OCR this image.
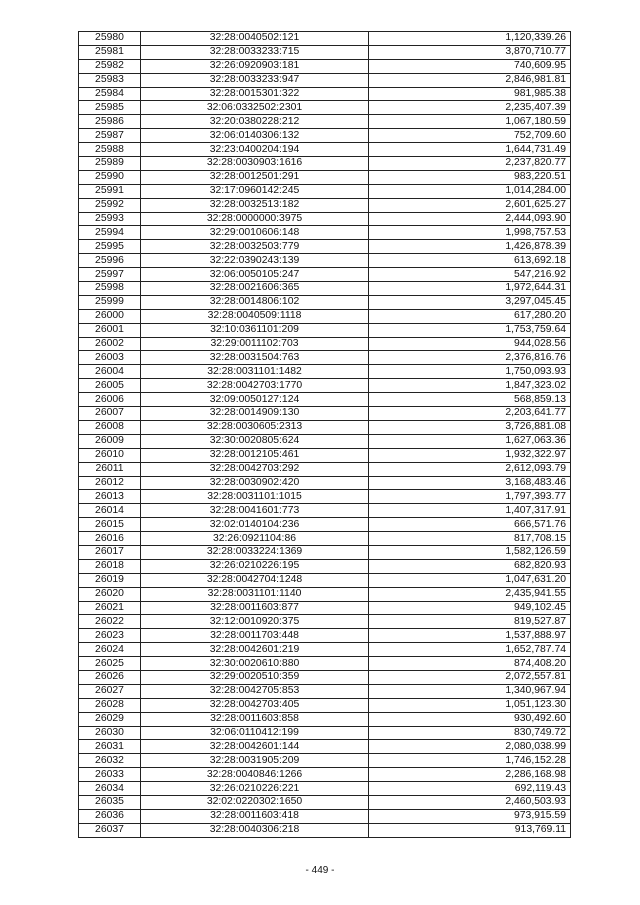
25980	32:28:0040502:121	1,120,339.26
25981	32:28:0033233:715	3,870,710.77
25982	32:26:0920903:181	740,609.95
25983	32:28:0033233:947	2,846,981.81
25984	32:28:0015301:322	981,985.38
25985	32:06:0332502:2301	2,235,407.39
25986	32:20:0380228:212	1,067,180.59
25987	32:06:0140306:132	752,709.60
25988	32:23:0400204:194	1,644,731.49
25989	32:28:0030903:1616	2,237,820.77
25990	32:28:0012501:291	983,220.51
25991	32:17:0960142:245	1,014,284.00
25992	32:28:0032513:182	2,601,625.27
25993	32:28:0000000:3975	2,444,093.90
25994	32:29:0010606:148	1,998,757.53
25995	32:28:0032503:779	1,426,878.39
25996	32:22:0390243:139	613,692.18
25997	32:06:0050105:247	547,216.92
25998	32:28:0021606:365	1,972,644.31
25999	32:28:0014806:102	3,297,045.45
26000	32:28:0040509:1118	617,280.20
26001	32:10:0361101:209	1,753,759.64
26002	32:29:0011102:703	944,028.56
26003	32:28:0031504:763	2,376,816.76
26004	32:28:0031101:1482	1,750,093.93
26005	32:28:0042703:1770	1,847,323.02
26006	32:09:0050127:124	568,859.13
26007	32:28:0014909:130	2,203,641.77
26008	32:28:0030605:2313	3,726,881.08
26009	32:30:0020805:624	1,627,063.36
26010	32:28:0012105:461	1,932,322.97
26011	32:28:0042703:292	2,612,093.79
26012	32:28:0030902:420	3,168,483.46
26013	32:28:0031101:1015	1,797,393.77
26014	32:28:0041601:773	1,407,317.91
26015	32:02:0140104:236	666,571.76
26016	32:26:0921104:86	817,708.15
26017	32:28:0033224:1369	1,582,126.59
26018	32:26:0210226:195	682,820.93
26019	32:28:0042704:1248	1,047,631.20
26020	32:28:0031101:1140	2,435,941.55
26021	32:28:0011603:877	949,102.45
26022	32:12:0010920:375	819,527.87
26023	32:28:0011703:448	1,537,888.97
26024	32:28:0042601:219	1,652,787.74
26025	32:30:0020610:880	874,408.20
26026	32:29:0020510:359	2,072,557.81
26027	32:28:0042705:853	1,340,967.94
26028	32:28:0042703:405	1,051,123.30
26029	32:28:0011603:858	930,492.60
26030	32:06:0110412:199	830,749.72
26031	32:28:0042601:144	2,080,038.99
26032	32:28:0031905:209	1,746,152.28
26033	32:28:0040846:1266	2,286,168.98
26034	32:26:0210226:221	692,119.43
26035	32:02:0220302:1650	2,460,503.93
26036	32:28:0011603:418	973,915.59
26037	32:28:0040306:218	913,769.11
- 449 -
